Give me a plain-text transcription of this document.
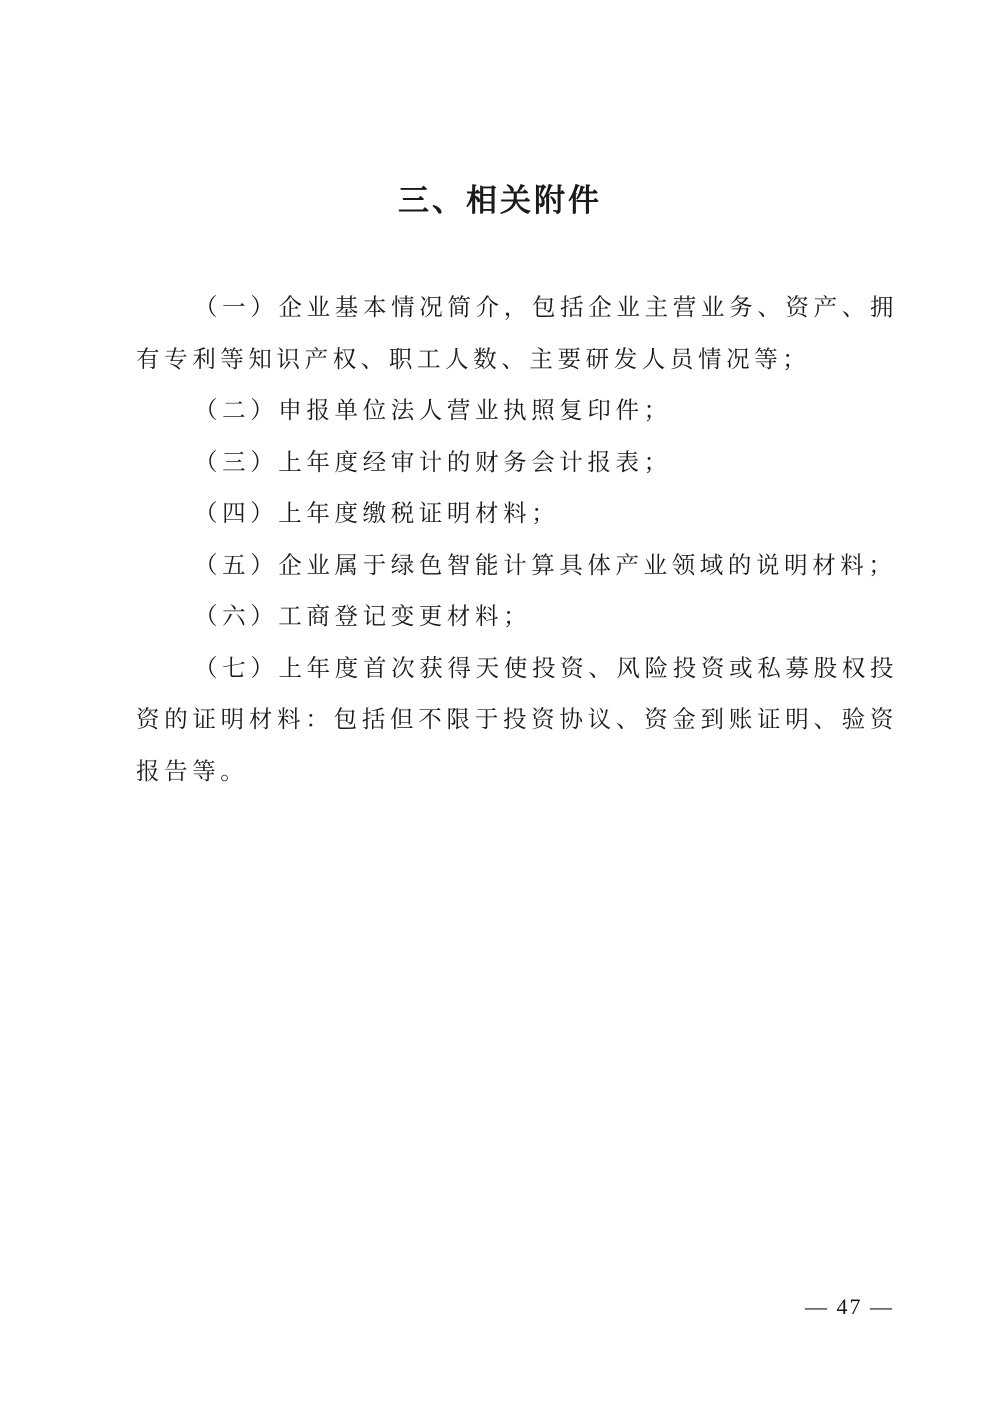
三、相关附件

（一）企业基本情况简介，包括企业主营业务、资产、拥有专利等知识产权、职工人数、主要研发人员情况等；

（二）申报单位法人营业执照复印件；

（三）上年度经审计的财务会计报表；

（四）上年度缴税证明材料；

（五）企业属于绿色智能计算具体产业领域的说明材料；

（六）工商登记变更材料；

（七）上年度首次获得天使投资、风险投资或私募股权投资的证明材料：包括但不限于投资协议、资金到账证明、验资报告等。

— 47 —
